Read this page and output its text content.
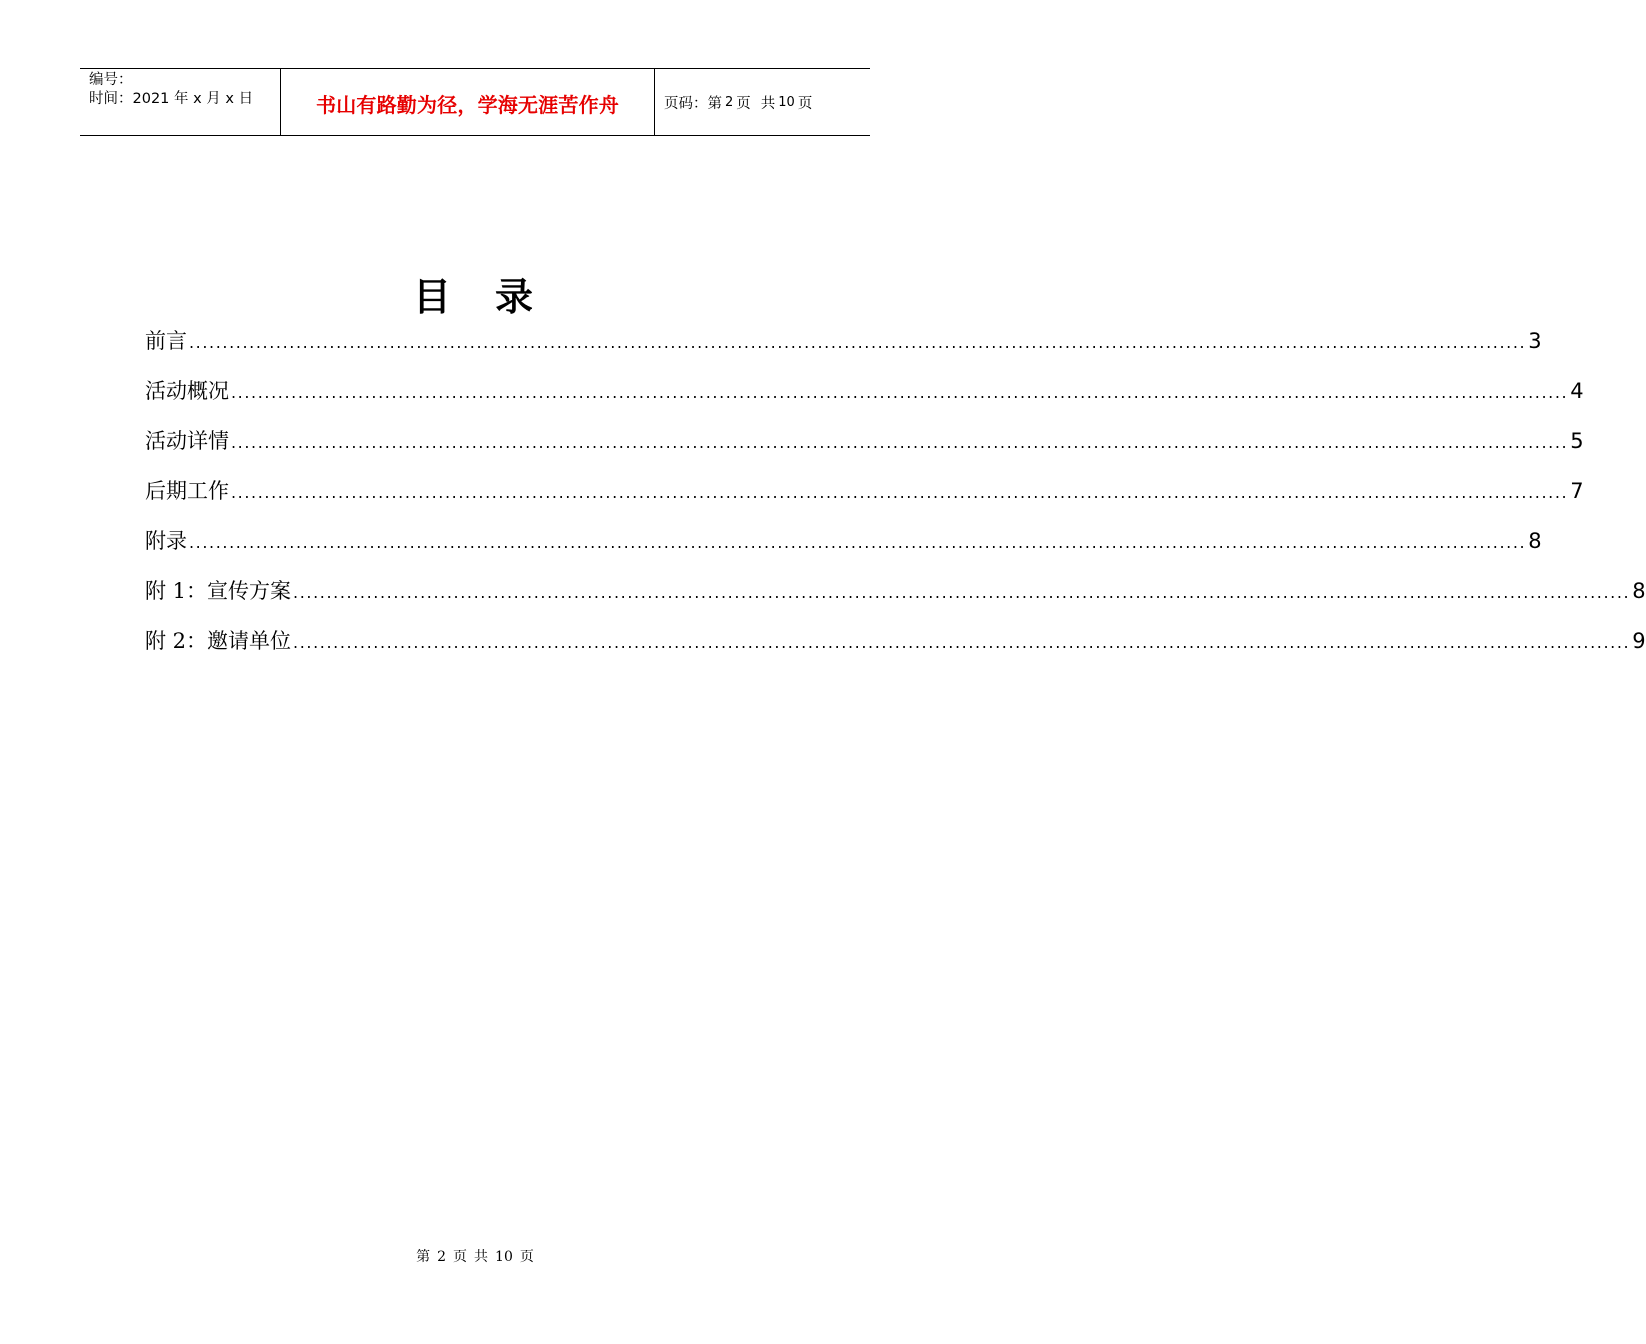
编号：
时间：2021 年 x 月 x 日	书山有路勤为径，学海无涯苦作舟	页码：第 2 页 共 10 页
目 录
前言 ........................................................................................................................................................................................................ 3
活动概况 ........................................................................................................................................................................................................ 4
活动详情 ........................................................................................................................................................................................................ 5
后期工作 ........................................................................................................................................................................................................ 7
附录 ........................................................................................................................................................................................................ 8
附 1：宣传方案 ........................................................................................................................................................................................................ 8
附 2：邀请单位 ........................................................................................................................................................................................................ 9
第 2 页 共 10 页
